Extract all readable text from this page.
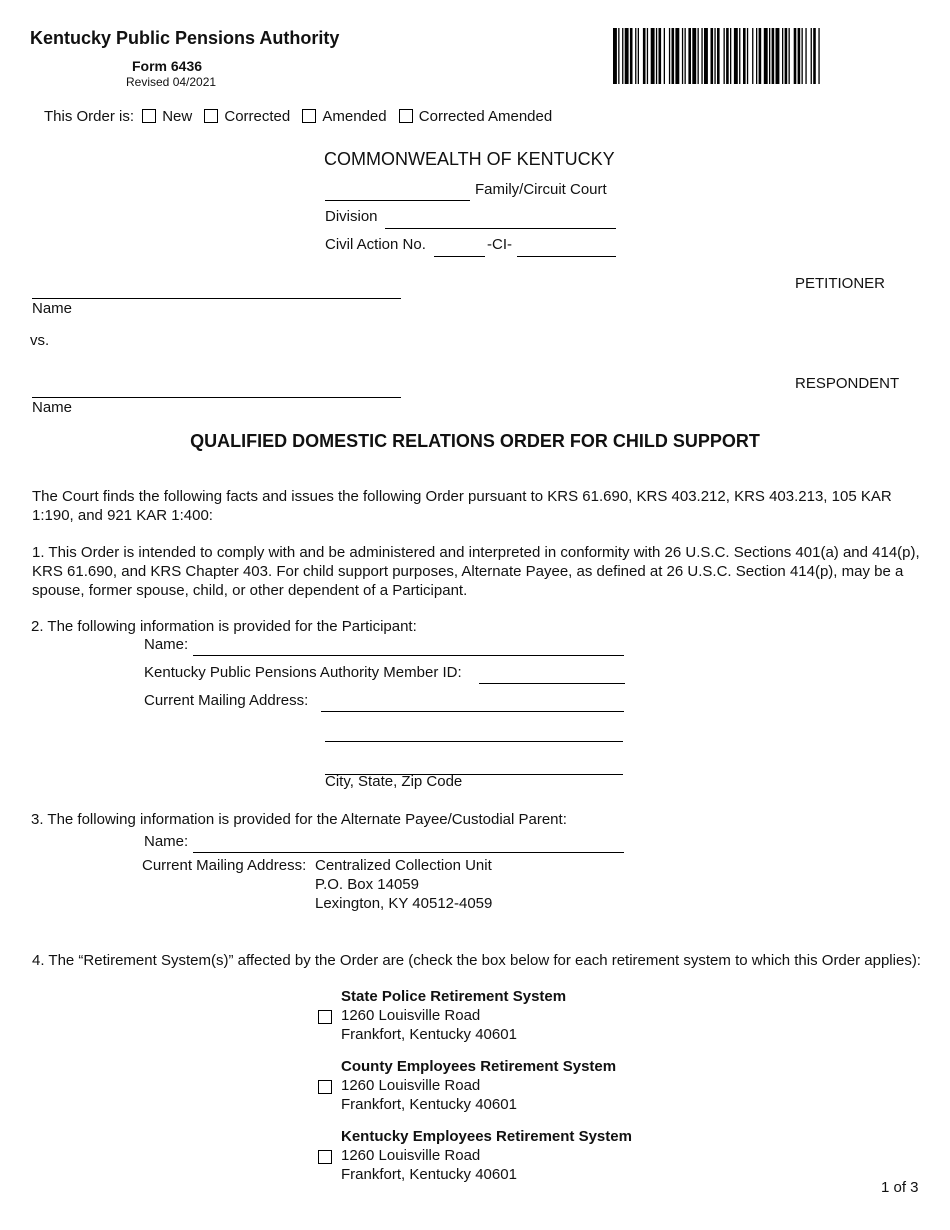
Kentucky Public Pensions Authority
Form 6436
Revised 04/2021
This Order is: New Corrected Amended Corrected Amended
COMMONWEALTH OF KENTUCKY
Family/Circuit Court
Division
Civil Action No.	-CI-
PETITIONER
Name
vs.
RESPONDENT
Name
QUALIFIED DOMESTIC RELATIONS ORDER FOR CHILD SUPPORT
The Court finds the following facts and issues the following Order pursuant to KRS 61.690, KRS 403.212, KRS 403.213, 105 KAR 1:190, and 921 KAR 1:400:
1. This Order is intended to comply with and be administered and interpreted in conformity with 26 U.S.C. Sections 401(a) and 414(p), KRS 61.690, and KRS Chapter 403. For child support purposes, Alternate Payee, as defined at 26 U.S.C. Section 414(p), may be a spouse, former spouse, child, or other dependent of a Participant.
2. The following information is provided for the Participant:
Name:
Kentucky Public Pensions Authority Member ID:
Current Mailing Address:
City, State, Zip Code
3. The following information is provided for the Alternate Payee/Custodial Parent:
Name:
Current Mailing Address: Centralized Collection Unit
P.O. Box 14059
Lexington, KY 40512-4059
4. The “Retirement System(s)” affected by the Order are (check the box below for each retirement system to which this Order applies):
State Police Retirement System
1260 Louisville Road
Frankfort, Kentucky 40601
County Employees Retirement System
1260 Louisville Road
Frankfort, Kentucky 40601
Kentucky Employees Retirement System
1260 Louisville Road
Frankfort, Kentucky 40601
1 of 3
